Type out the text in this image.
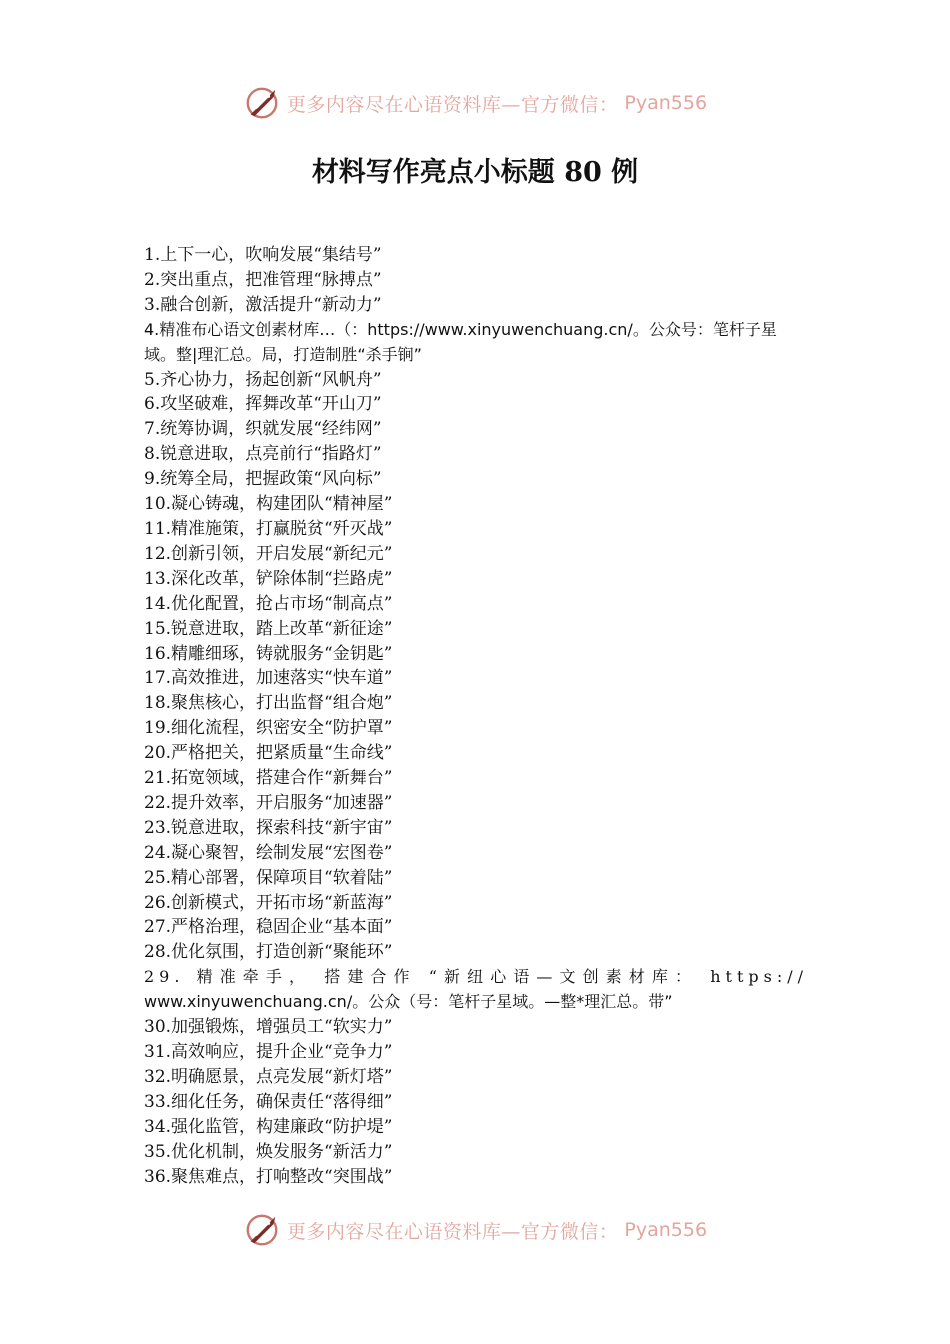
更多内容尽在心语资料库—官方微信： Pyan556
材料写作亮点小标题 80 例
1.上下一心，吹响发展“集结号”
2.突出重点，把准管理“脉搏点”
3.融合创新，激活提升“新动力”
4.精准布心语文创素材库…（：https://www.xinyuwenchuang.cn/。公众号：笔杆子星域。整|理汇总。局，打造制胜“杀手锏”
5.齐心协力，扬起创新“风帆舟”
6.攻坚破难，挥舞改革“开山刀”
7.统筹协调，织就发展“经纬网”
8.锐意进取，点亮前行“指路灯”
9.统筹全局，把握政策“风向标”
10.凝心铸魂，构建团队“精神屋”
11.精准施策，打赢脱贫“歼灭战”
12.创新引领，开启发展“新纪元”
13.深化改革，铲除体制“拦路虎”
14.优化配置，抢占市场“制高点”
15.锐意进取，踏上改革“新征途”
16.精雕细琢，铸就服务“金钥匙”
17.高效推进，加速落实“快车道”
18.聚焦核心，打出监督“组合炮”
19.细化流程，织密安全“防护罩”
20.严格把关，把紧质量“生命线”
21.拓宽领域，搭建合作“新舞台”
22.提升效率，开启服务“加速器”
23.锐意进取，探索科技“新宇宙”
24.凝心聚智，绘制发展“宏图卷”
25.精心部署，保障项目“软着陆”
26.创新模式，开拓市场“新蓝海”
27.严格治理，稳固企业“基本面”
28.优化氛围，打造创新“聚能环”
29. 精准牵手， 搭建合作 “新纽心语—文创素材库： https://
www.xinyuwenchuang.cn/。公众（号：笔杆子星域。—整*理汇总。带”
30.加强锻炼，增强员工“软实力”
31.高效响应，提升企业“竞争力”
32.明确愿景，点亮发展“新灯塔”
33.细化任务，确保责任“落得细”
34.强化监管，构建廉政“防护堤”
35.优化机制，焕发服务“新活力”
36.聚焦难点，打响整改“突围战”
更多内容尽在心语资料库—官方微信： Pyan556
